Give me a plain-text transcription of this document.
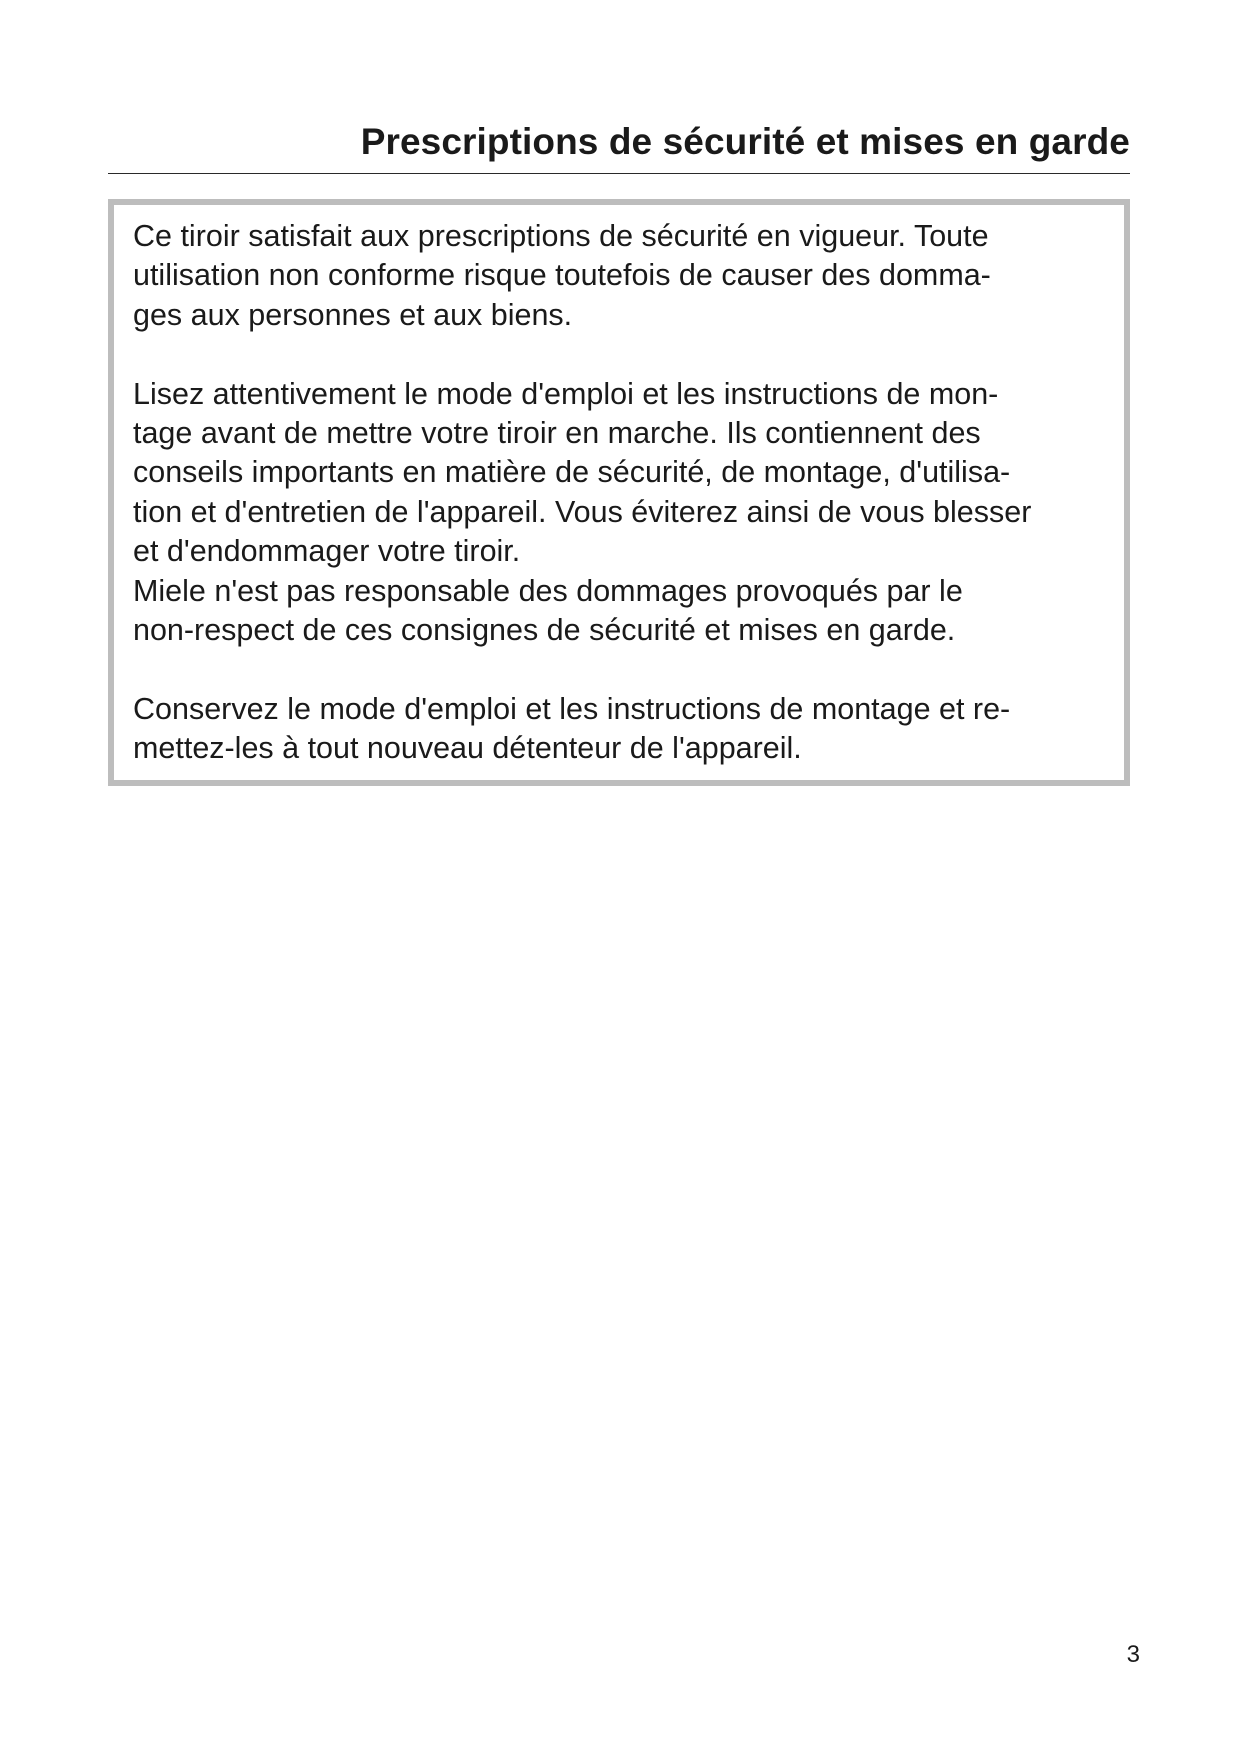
Prescriptions de sécurité et mises en garde
Ce tiroir satisfait aux prescriptions de sécurité en vigueur. Toute
utilisation non conforme risque toutefois de causer des domma-
ges aux personnes et aux biens.
Lisez attentivement le mode d'emploi et les instructions de mon-
tage avant de mettre votre tiroir en marche. Ils contiennent des
conseils importants en matière de sécurité, de montage, d'utilisa-
tion et d'entretien de l'appareil. Vous éviterez ainsi de vous blesser
et d'endommager votre tiroir.
Miele n'est pas responsable des dommages provoqués par le
non-respect de ces consignes de sécurité et mises en garde.
Conservez le mode d'emploi et les instructions de montage et re-
mettez-les à tout nouveau détenteur de l'appareil.
3
